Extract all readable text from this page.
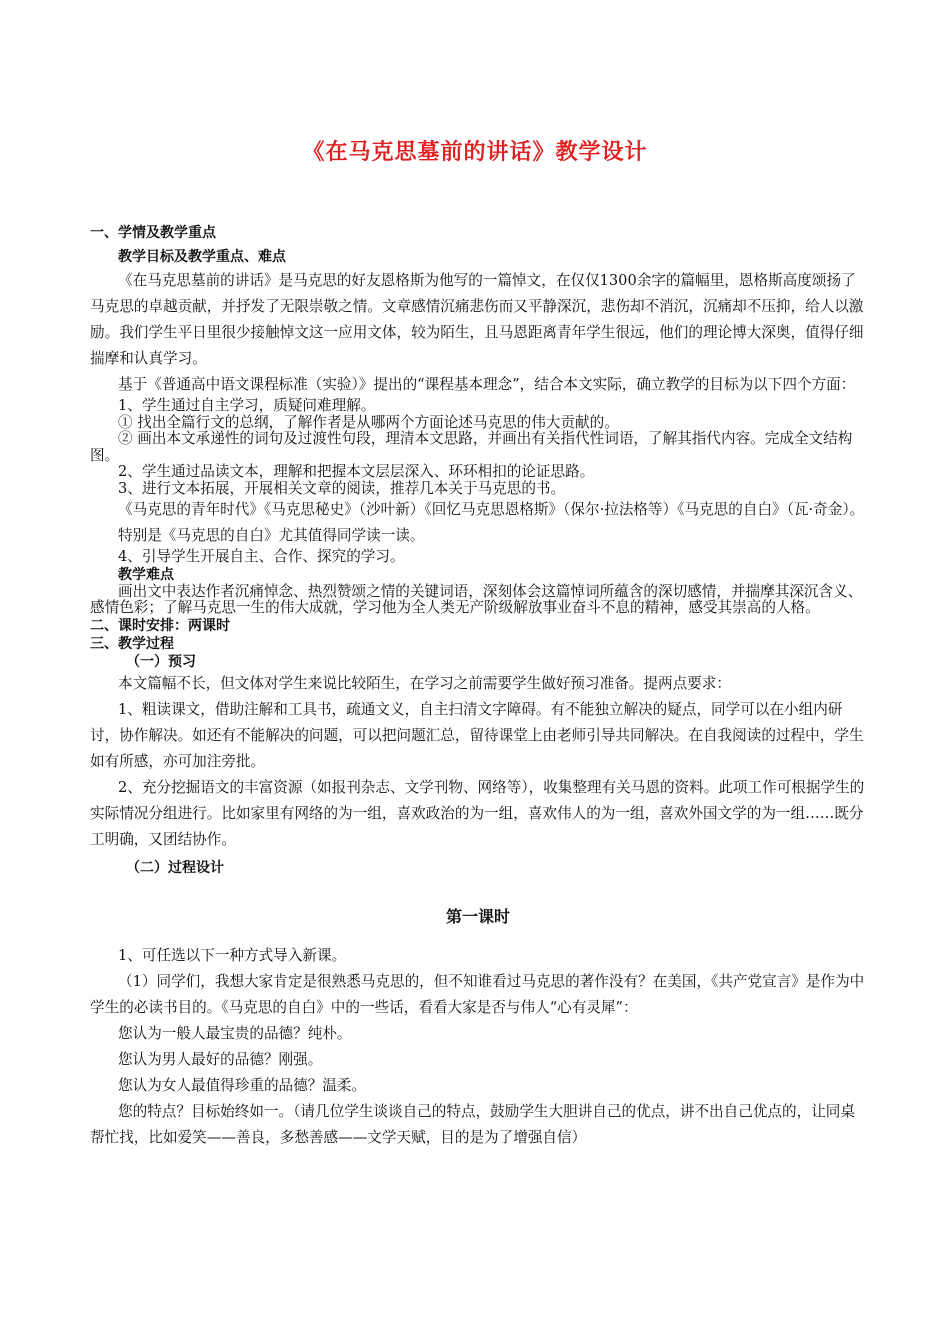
《在马克思墓前的讲话》教学设计

一、学情及教学重点

教学目标及教学重点、难点

《在马克思墓前的讲话》是马克思的好友恩格斯为他写的一篇悼文，在仅仅1300余字的篇幅里，恩格斯高度颂扬了马克思的卓越贡献，并抒发了无限崇敬之情。文章感情沉痛悲伤而又平静深沉，悲伤却不消沉，沉痛却不压抑，给人以激励。我们学生平日里很少接触悼文这一应用文体，较为陌生，且马恩距离青年学生很远，他们的理论博大深奥，值得仔细揣摩和认真学习。

基于《普通高中语文课程标准（实验）》提出的“课程基本理念”，结合本文实际，确立教学的目标为以下四个方面：

1、学生通过自主学习，质疑问难理解。

① 找出全篇行文的总纲，了解作者是从哪两个方面论述马克思的伟大贡献的。

② 画出本文承递性的词句及过渡性句段，理清本文思路，并画出有关指代性词语，了解其指代内容。完成全文结构图。

2、学生通过品读文本，理解和把握本文层层深入、环环相扣的论证思路。

3、进行文本拓展，开展相关文章的阅读，推荐几本关于马克思的书。

《马克思的青年时代》《马克思秘史》（沙叶新）《回忆马克思恩格斯》（保尔·拉法格等）《马克思的自白》（瓦·奇金）。

特别是《马克思的自白》尤其值得同学读一读。

4、引导学生开展自主、合作、探究的学习。

教学难点

画出文中表达作者沉痛悼念、热烈赞颂之情的关键词语，深刻体会这篇悼词所蕴含的深切感情，并揣摩其深沉含义、感情色彩；了解马克思一生的伟大成就，学习他为全人类无产阶级解放事业奋斗不息的精神，感受其崇高的人格。

二、课时安排：两课时

三、教学过程

（一）预习

本文篇幅不长，但文体对学生来说比较陌生，在学习之前需要学生做好预习准备。提两点要求：

1、粗读课文，借助注解和工具书，疏通文义，自主扫清文字障碍。有不能独立解决的疑点，同学可以在小组内研讨，协作解决。如还有不能解决的问题，可以把问题汇总，留待课堂上由老师引导共同解决。在自我阅读的过程中，学生如有所感，亦可加注旁批。

2、充分挖掘语文的丰富资源（如报刊杂志、文学刊物、网络等），收集整理有关马恩的资料。此项工作可根据学生的实际情况分组进行。比如家里有网络的为一组，喜欢政治的为一组，喜欢伟人的为一组，喜欢外国文学的为一组……既分工明确，又团结协作。

（二）过程设计

第一课时

1、可任选以下一种方式导入新课。

（1）同学们，我想大家肯定是很熟悉马克思的，但不知谁看过马克思的著作没有？在美国，《共产党宣言》是作为中学生的必读书目的。《马克思的自白》中的一些话，看看大家是否与伟人“心有灵犀”：

您认为一般人最宝贵的品德？纯朴。

您认为男人最好的品德？刚强。

您认为女人最值得珍重的品德？温柔。

您的特点？目标始终如一。（请几位学生谈谈自己的特点，鼓励学生大胆讲自己的优点，讲不出自己优点的，让同桌帮忙找，比如爱笑——善良，多愁善感——文学天赋，目的是为了增强自信）
